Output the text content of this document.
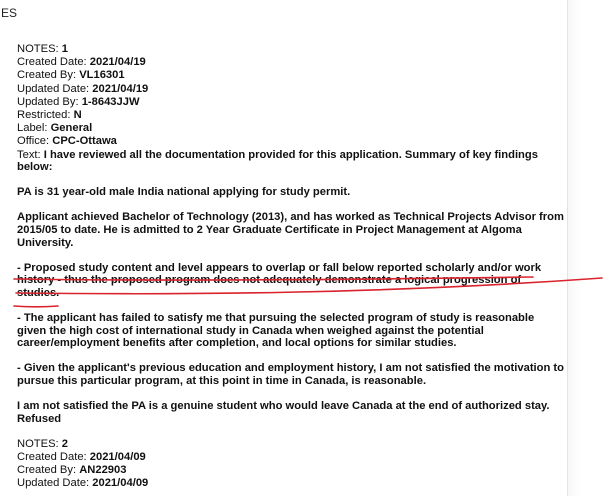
ES
NOTES: 1
Created Date: 2021/04/19
Created By: VL16301
Updated Date: 2021/04/19
Updated By: 1-8643JJW
Restricted: N
Label: General
Office: CPC-Ottawa
Text: I have reviewed all the documentation provided for this application. Summary of key findings below:

PA is 31 year-old male India national applying for study permit.

Applicant achieved Bachelor of Technology (2013), and has worked as Technical Projects Advisor from 2015/05 to date. He is admitted to 2 Year Graduate Certificate in Project Management at Algoma University.

- Proposed study content and level appears to overlap or fall below reported scholarly and/or work history - thus the proposed program does not adequately demonstrate a logical progression of studies.

- The applicant has failed to satisfy me that pursuing the selected program of study is reasonable given the high cost of international study in Canada when weighed against the potential career/employment benefits after completion, and local options for similar studies.

- Given the applicant's previous education and employment history, I am not satisfied the motivation to pursue this particular program, at this point in time in Canada, is reasonable.

I am not satisfied the PA is a genuine student who would leave Canada at the end of authorized stay.

Refused

NOTES: 2
Created Date: 2021/04/09
Created By: AN22903
Updated Date: 2021/04/09
